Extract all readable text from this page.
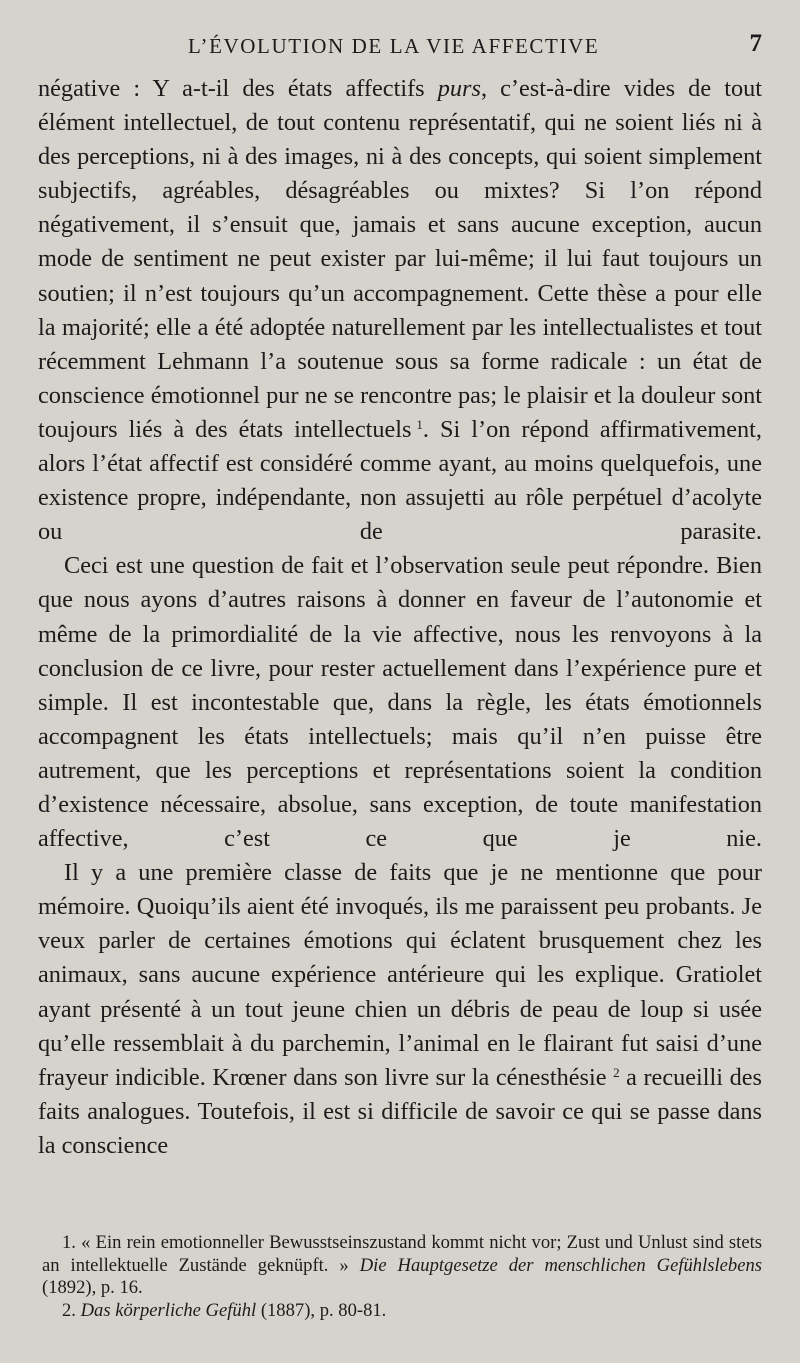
L’ÉVOLUTION DE LA VIE AFFECTIVE	7

négative : Y a-t-il des états affectifs purs, c’est-à-dire vides de tout élément intellectuel, de tout contenu représentatif, qui ne soient liés ni à des perceptions, ni à des images, ni à des concepts, qui soient simplement subjectifs, agréables, désagréables ou mixtes? Si l’on répond négativement, il s’ensuit que, jamais et sans aucune exception, aucun mode de sentiment ne peut exister par lui-même; il lui faut toujours un soutien; il n’est toujours qu’un accompagnement. Cette thèse a pour elle la majorité; elle a été adoptée naturellement par les intellectualistes et tout récemment Lehmann l’a soutenue sous sa forme radicale : un état de conscience émotionnel pur ne se rencontre pas; le plaisir et la douleur sont toujours liés à des états intellectuels  $^1$. Si l’on répond affirmativement, alors l’état affectif est considéré comme ayant, au moins quelquefois, une existence propre, indépendante, non assujetti au rôle perpétuel d’acolyte ou de parasite.

Ceci est une question de fait et l’observation seule peut répondre. Bien que nous ayons d’autres raisons à donner en faveur de l’autonomie et même de la primordialité de la vie affective, nous les renvoyons à la conclusion de ce livre, pour rester actuellement dans l’expérience pure et simple. Il est incontestable que, dans la règle, les états émotionnels accompagnent les états intellectuels; mais qu’il n’en puisse être autrement, que les perceptions et représentations soient la condition d’existence nécessaire, absolue, sans exception, de toute manifestation affective, c’est ce que je nie.

Il y a une première classe de faits que je ne mentionne que pour mémoire. Quoiqu’ils aient été invoqués, ils me paraissent peu probants. Je veux parler de certaines émotions qui éclatent brusquement chez les animaux, sans aucune expérience antérieure qui les explique. Gratiolet ayant présenté à un tout jeune chien un débris de peau de loup si usée qu’elle ressemblait à du parchemin, l’animal en le flairant fut saisi d’une frayeur indicible. Krœner dans son livre sur la cénesthésie $^2$ a recueilli des faits analogues. Toutefois, il est si difficile de savoir ce qui se passe dans la conscience

1. « Ein rein emotionneller Bewusstseinszustand kommt nicht vor; Zust und Unlust sind stets an intellektuelle Zustände geknüpft. » Die Hauptgesetze der menschlichen Gefühlslebens (1892), p. 16.

2. Das körperliche Gefühl (1887), p. 80-81.
